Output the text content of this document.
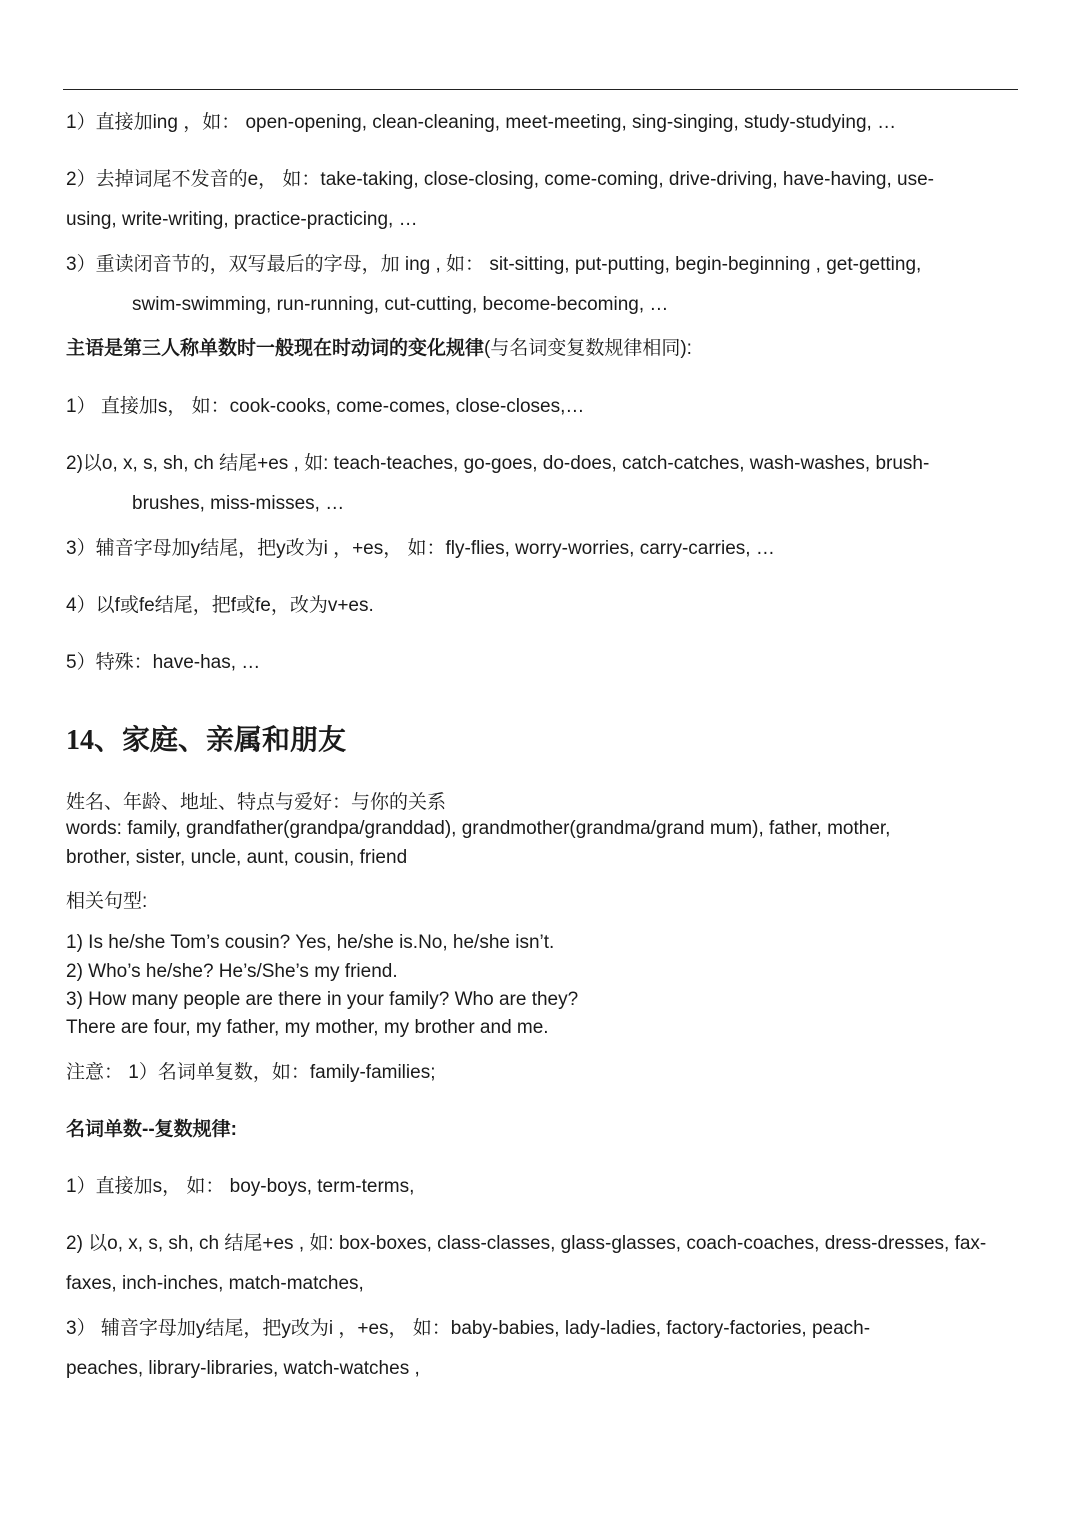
1）直接加ing ，如： open-opening, clean-cleaning, meet-meeting, sing-singing, study-studying, …
2）去掉词尾不发音的e， 如：take-taking, close-closing, come-coming, drive-driving, have-having, use-
using, write-writing, practice-practicing, …
3）重读闭音节的，双写最后的字母，加 ing , 如： sit-sitting, put-putting, begin-beginning , get-getting,
swim-swimming, run-running, cut-cutting, become-becoming, …
主语是第三人称单数时一般现在时动词的变化规律(与名词变复数规律相同):
1） 直接加s， 如：cook-cooks, come-comes, close-closes,…
2)以o, x, s, sh, ch 结尾+es , 如: teach-teaches, go-goes, do-does, catch-catches, wash-washes, brush-
brushes, miss-misses, …
3）辅音字母加y结尾，把y改为i ，+es， 如：fly-flies, worry-worries, carry-carries, …
4）以f或fe结尾，把f或fe，改为v+es.
5）特殊：have-has, …
14、家庭、亲属和朋友
姓名、年龄、地址、特点与爱好：与你的关系
words: family, grandfather(grandpa/granddad), grandmother(grandma/grand mum), father, mother,
brother, sister, uncle, aunt, cousin, friend
相关句型:
1) Is he/she Tom’s cousin? Yes, he/she is.No, he/she isn’t.
2) Who’s he/she? He’s/She’s my friend.
3) How many people are there in your family? Who are they?
There are four, my father, my mother, my brother and me.
注意： 1）名词单复数，如：family-families;
名词单数--复数规律:
1）直接加s， 如： boy-boys, term-terms,
2) 以o, x, s, sh, ch 结尾+es , 如: box-boxes, class-classes, glass-glasses, coach-coaches, dress-dresses, fax-
faxes, inch-inches, match-matches,
3） 辅音字母加y结尾，把y改为i ，+es， 如：baby-babies, lady-ladies, factory-factories, peach-
peaches, library-libraries, watch-watches ,
